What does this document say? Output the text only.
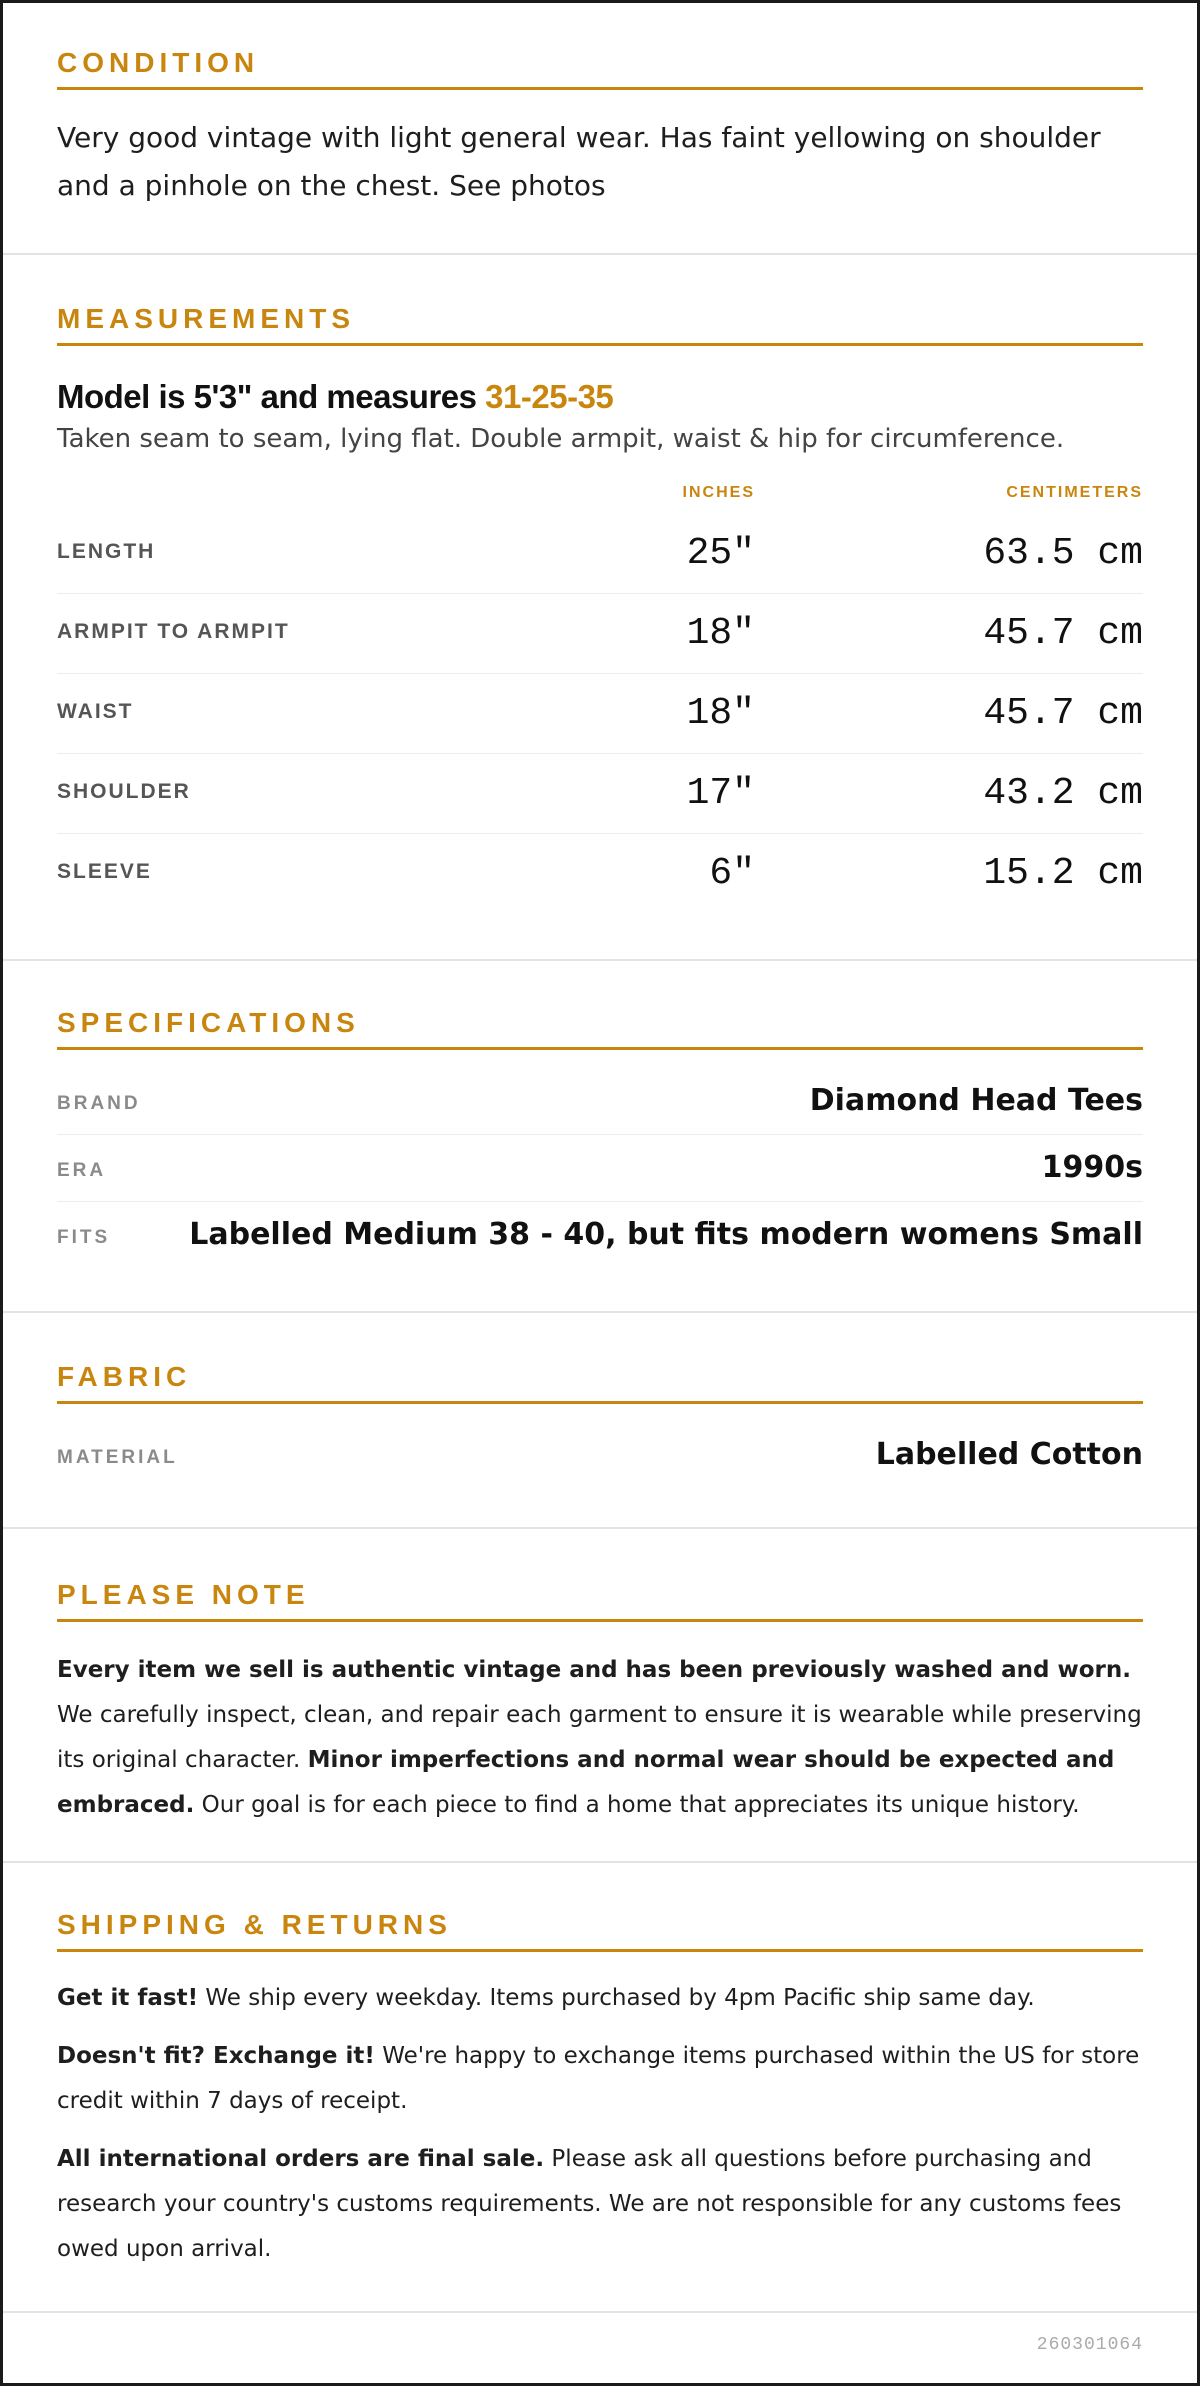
CONDITION

Very good vintage with light general wear. Has faint yellowing on shoulder and a pinhole on the chest. See photos

MEASUREMENTS
Model is 5'3" and measures 31-25-35
Taken seam to seam, lying flat. Double armpit, waist & hip for circumference.
INCHES	CENTIMETERS
LENGTH	25"	63.5 cm
ARMPIT TO ARMPIT	18"	45.7 cm
WAIST	18"	45.7 cm
SHOULDER	17"	43.2 cm
SLEEVE	6"	15.2 cm
SPECIFICATIONS
BRAND	Diamond Head Tees
ERA	1990s
FITS	Labelled Medium 38 - 40, but fits modern womens Small
FABRIC
MATERIAL	Labelled Cotton
PLEASE NOTE

Every item we sell is authentic vintage and has been previously washed and worn. We carefully inspect, clean, and repair each garment to ensure it is wearable while preserving its original character. Minor imperfections and normal wear should be expected and embraced. Our goal is for each piece to find a home that appreciates its unique history.

SHIPPING & RETURNS

Get it fast! We ship every weekday. Items purchased by 4pm Pacific ship same day.

Doesn't fit? Exchange it! We're happy to exchange items purchased within the US for store credit within 7 days of receipt.

All international orders are final sale. Please ask all questions before purchasing and research your country's customs requirements. We are not responsible for any customs fees owed upon arrival.

260301064
